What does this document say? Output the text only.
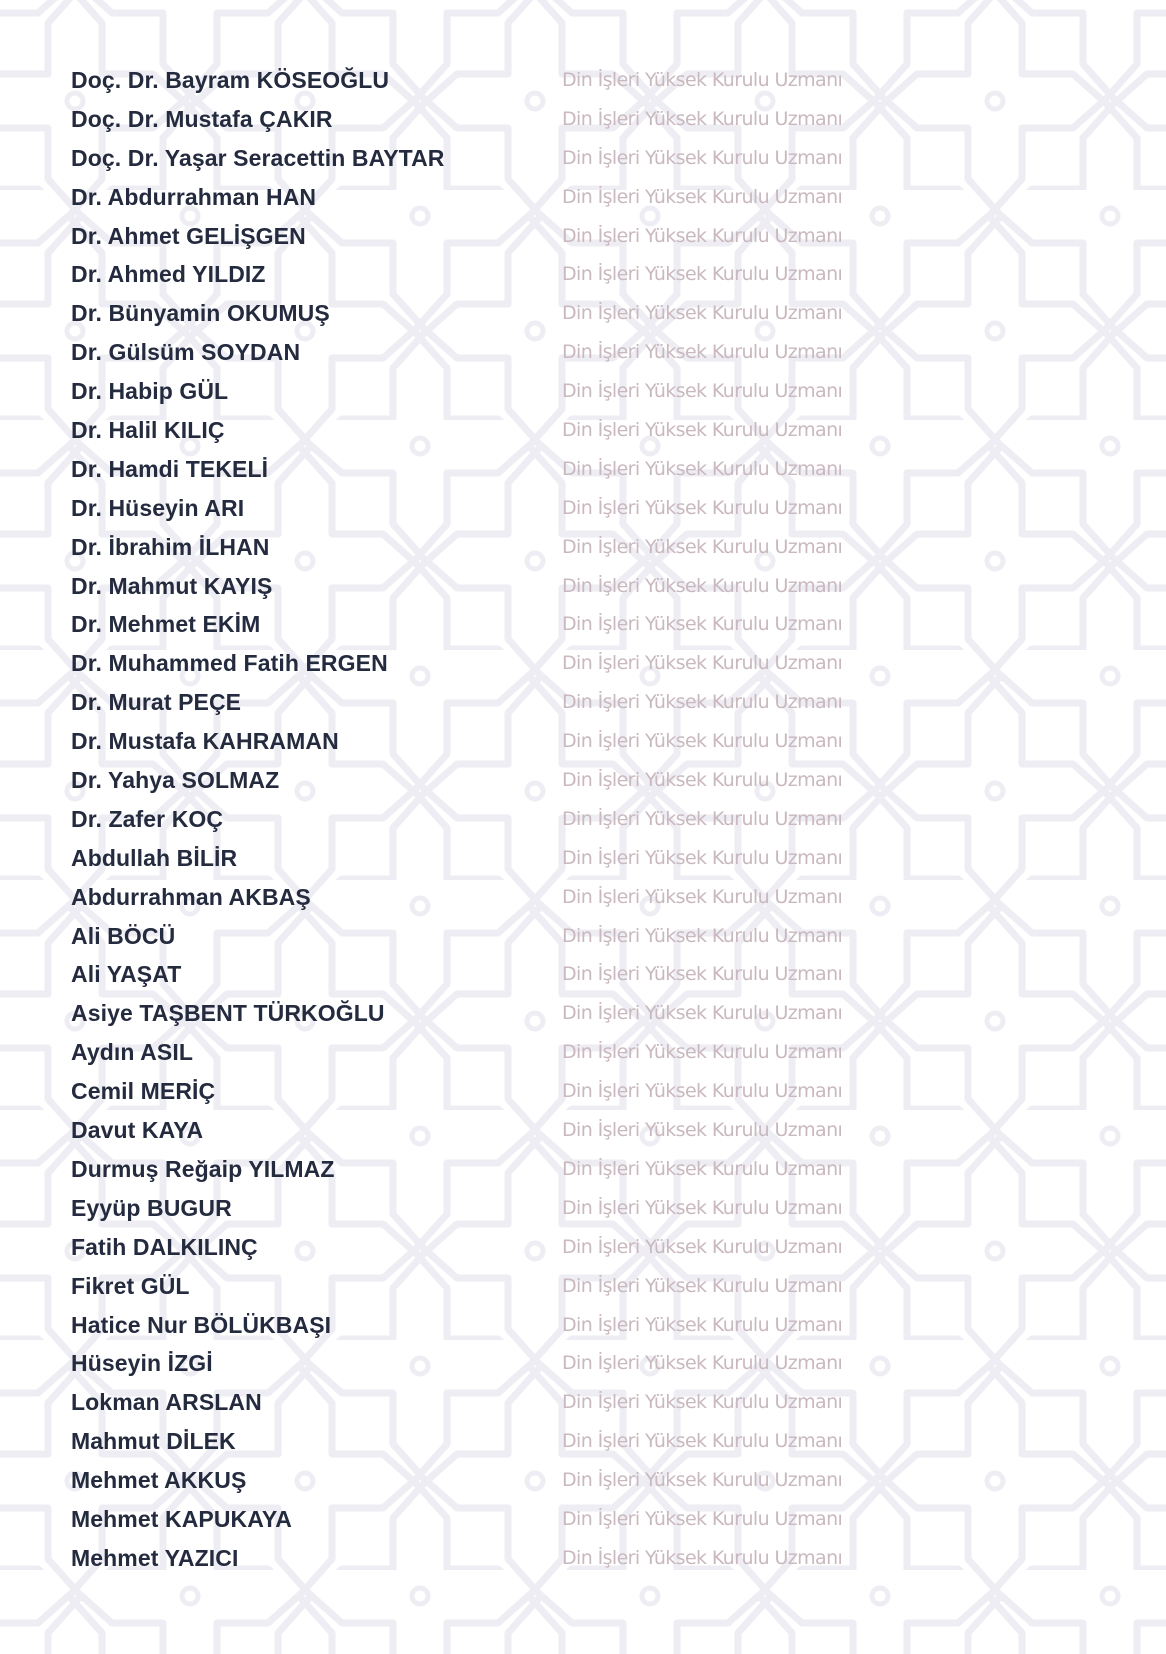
Doç. Dr. Bayram KÖSEOĞLU	Din İşleri Yüksek Kurulu Uzmanı
Doç. Dr. Mustafa ÇAKIR	Din İşleri Yüksek Kurulu Uzmanı
Doç. Dr. Yaşar Seracettin BAYTAR	Din İşleri Yüksek Kurulu Uzmanı
Dr. Abdurrahman HAN	Din İşleri Yüksek Kurulu Uzmanı
Dr. Ahmet GELİŞGEN	Din İşleri Yüksek Kurulu Uzmanı
Dr. Ahmed YILDIZ	Din İşleri Yüksek Kurulu Uzmanı
Dr. Bünyamin OKUMUŞ	Din İşleri Yüksek Kurulu Uzmanı
Dr. Gülsüm SOYDAN	Din İşleri Yüksek Kurulu Uzmanı
Dr. Habip GÜL	Din İşleri Yüksek Kurulu Uzmanı
Dr. Halil KILIÇ	Din İşleri Yüksek Kurulu Uzmanı
Dr. Hamdi TEKELİ	Din İşleri Yüksek Kurulu Uzmanı
Dr. Hüseyin ARI	Din İşleri Yüksek Kurulu Uzmanı
Dr. İbrahim İLHAN	Din İşleri Yüksek Kurulu Uzmanı
Dr. Mahmut KAYIŞ	Din İşleri Yüksek Kurulu Uzmanı
Dr. Mehmet EKİM	Din İşleri Yüksek Kurulu Uzmanı
Dr. Muhammed Fatih ERGEN	Din İşleri Yüksek Kurulu Uzmanı
Dr. Murat PEÇE	Din İşleri Yüksek Kurulu Uzmanı
Dr. Mustafa KAHRAMAN	Din İşleri Yüksek Kurulu Uzmanı
Dr. Yahya SOLMAZ	Din İşleri Yüksek Kurulu Uzmanı
Dr. Zafer KOÇ	Din İşleri Yüksek Kurulu Uzmanı
Abdullah BİLİR	Din İşleri Yüksek Kurulu Uzmanı
Abdurrahman AKBAŞ	Din İşleri Yüksek Kurulu Uzmanı
Ali BÖCÜ	Din İşleri Yüksek Kurulu Uzmanı
Ali YAŞAT	Din İşleri Yüksek Kurulu Uzmanı
Asiye TAŞBENT TÜRKOĞLU	Din İşleri Yüksek Kurulu Uzmanı
Aydın ASIL	Din İşleri Yüksek Kurulu Uzmanı
Cemil MERİÇ	Din İşleri Yüksek Kurulu Uzmanı
Davut KAYA	Din İşleri Yüksek Kurulu Uzmanı
Durmuş Reğaip YILMAZ	Din İşleri Yüksek Kurulu Uzmanı
Eyyüp BUGUR	Din İşleri Yüksek Kurulu Uzmanı
Fatih DALKILINÇ	Din İşleri Yüksek Kurulu Uzmanı
Fikret GÜL	Din İşleri Yüksek Kurulu Uzmanı
Hatice Nur BÖLÜKBAŞI	Din İşleri Yüksek Kurulu Uzmanı
Hüseyin İZGİ	Din İşleri Yüksek Kurulu Uzmanı
Lokman ARSLAN	Din İşleri Yüksek Kurulu Uzmanı
Mahmut DİLEK	Din İşleri Yüksek Kurulu Uzmanı
Mehmet AKKUŞ	Din İşleri Yüksek Kurulu Uzmanı
Mehmet KAPUKAYA	Din İşleri Yüksek Kurulu Uzmanı
Mehmet YAZICI	Din İşleri Yüksek Kurulu Uzmanı
